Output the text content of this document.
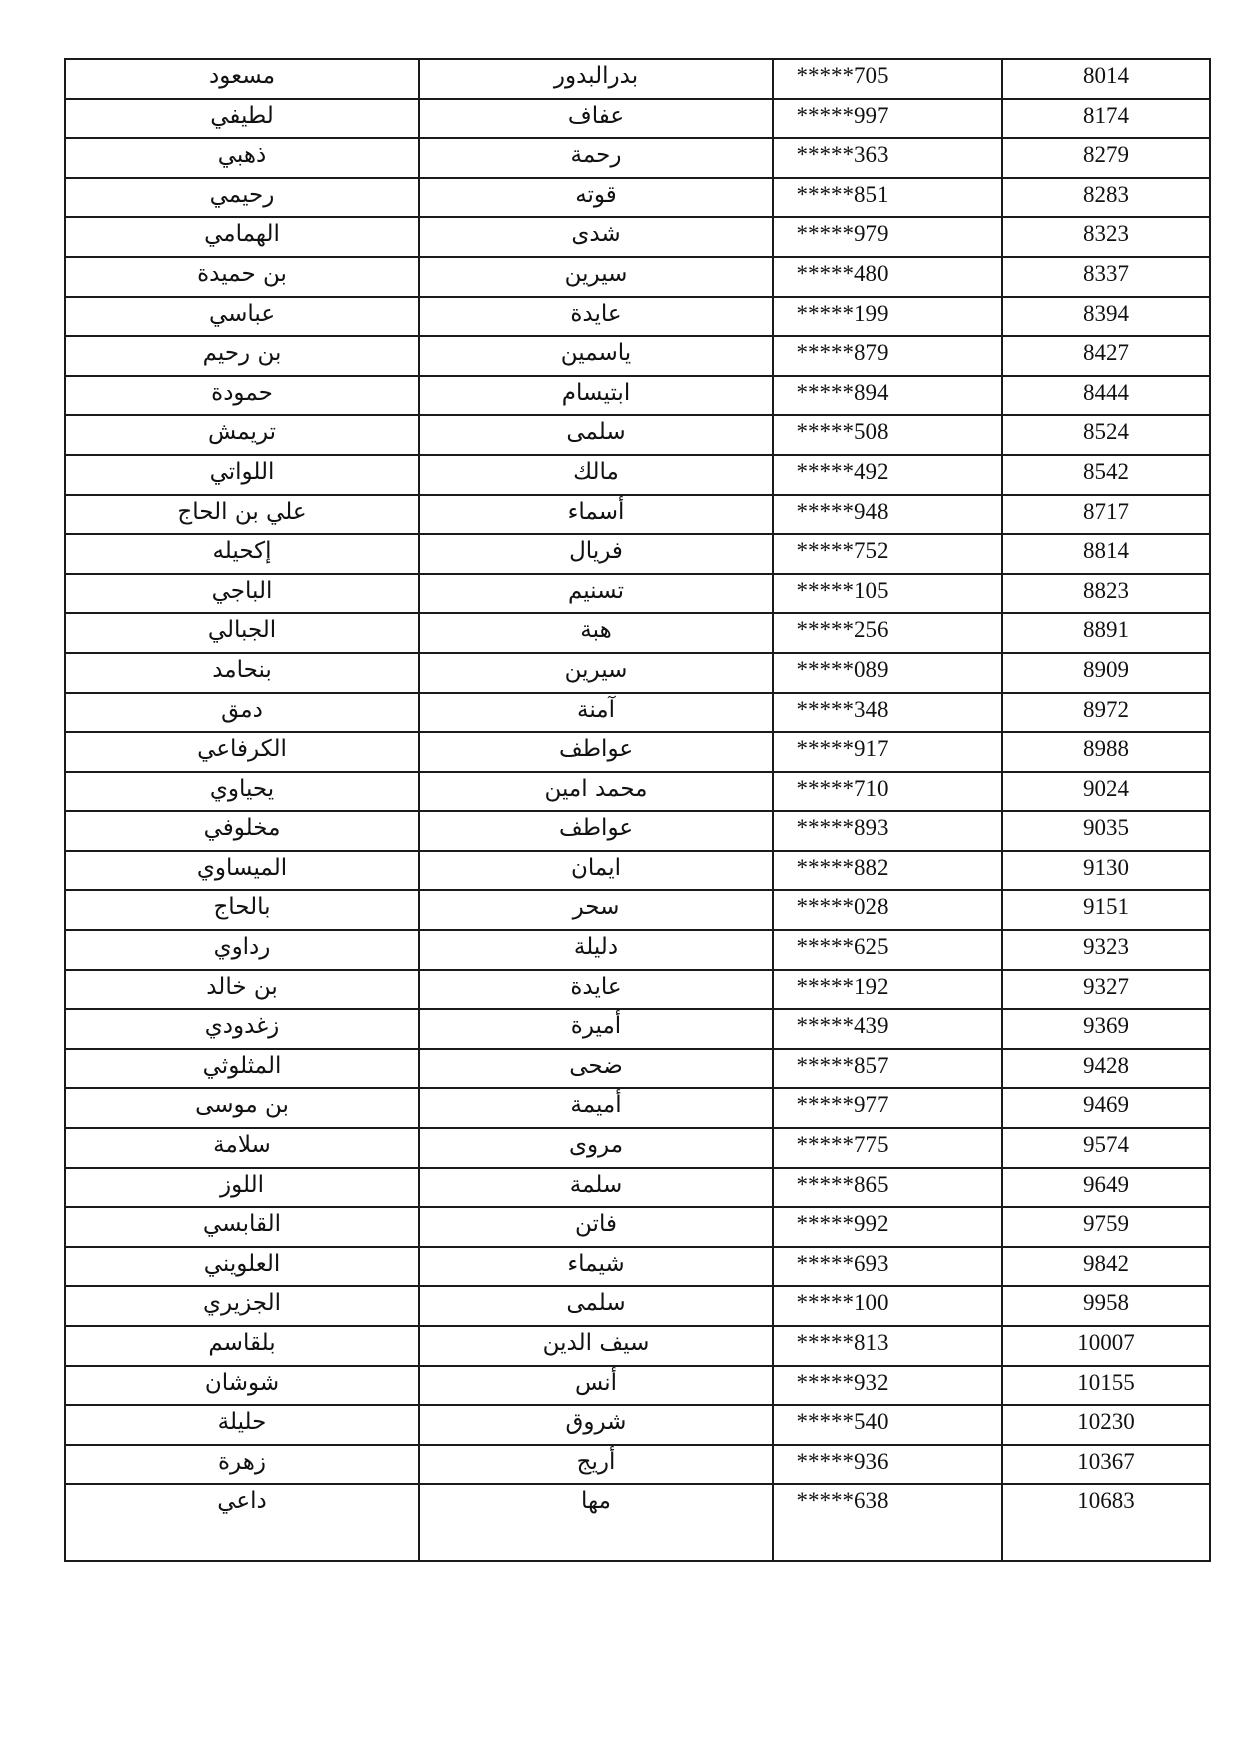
مسعود	بدرالبدور	*****705	8014
لطيفي	عفاف	*****997	8174
ذهبي	رحمة	*****363	8279
رحيمي	قوته	*****851	8283
الهمامي	شدى	*****979	8323
بن حميدة	سيرين	*****480	8337
عباسي	عايدة	*****199	8394
بن رحيم	ياسمين	*****879	8427
حمودة	ابتيسام	*****894	8444
تريمش	سلمى	*****508	8524
اللواتي	مالك	*****492	8542
علي بن الحاج	أسماء	*****948	8717
إكحيله	فريال	*****752	8814
الباجي	تسنيم	*****105	8823
الجبالي	هبة	*****256	8891
بنحامد	سيرين	*****089	8909
دمق	آمنة	*****348	8972
الكرفاعي	عواطف	*****917	8988
يحياوي	محمد امين	*****710	9024
مخلوفي	عواطف	*****893	9035
الميساوي	ايمان	*****882	9130
بالحاج	سحر	*****028	9151
رداوي	دليلة	*****625	9323
بن خالد	عايدة	*****192	9327
زغدودي	أميرة	*****439	9369
المثلوثي	ضحى	*****857	9428
بن موسى	أميمة	*****977	9469
سلامة	مروى	*****775	9574
اللوز	سلمة	*****865	9649
القابسي	فاتن	*****992	9759
العلويني	شيماء	*****693	9842
الجزيري	سلمى	*****100	9958
بلقاسم	سيف الدين	*****813	10007
شوشان	أنس	*****932	10155
حليلة	شروق	*****540	10230
زهرة	أريج	*****936	10367
داعي	مها	*****638	10683
